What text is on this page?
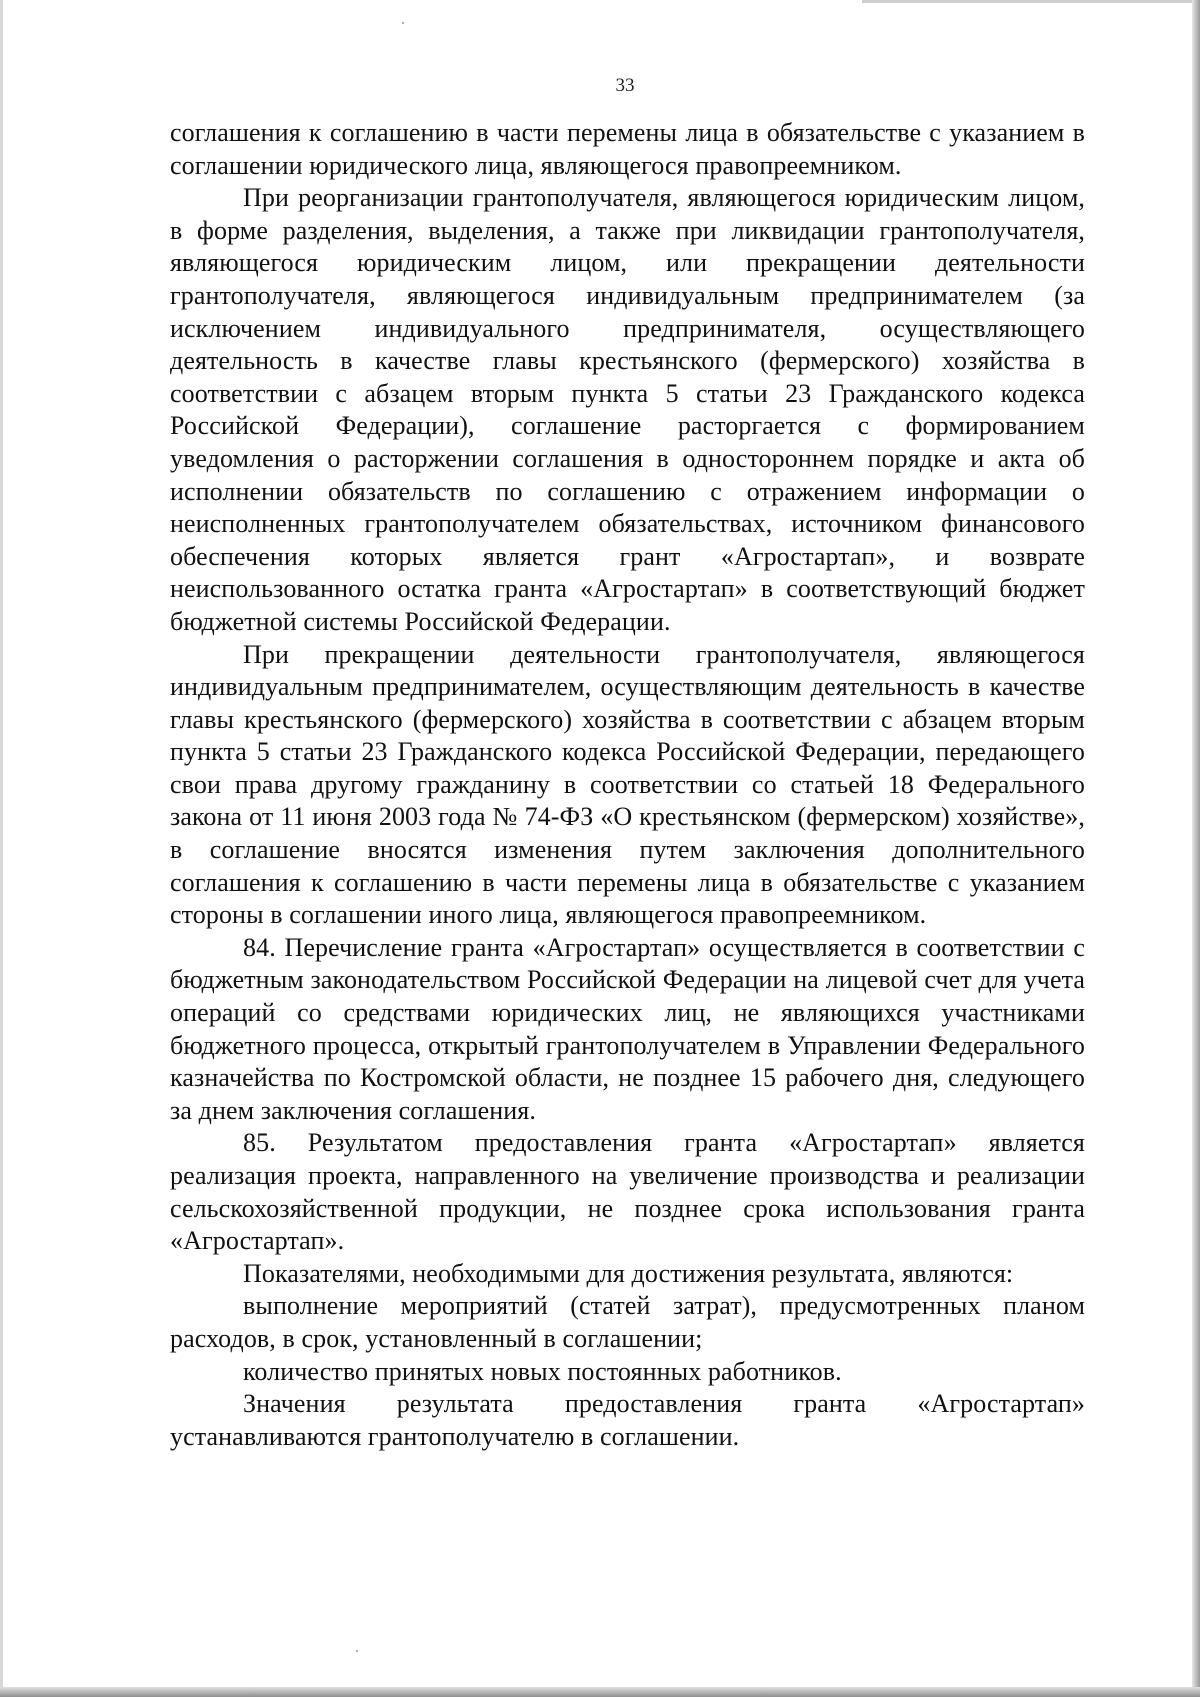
33

соглашения к соглашению в части перемены лица в обязательстве с указанием в соглашении юридического лица, являющегося правопреемником.

При реорганизации грантополучателя, являющегося юридическим лицом, в форме разделения, выделения, а также при ликвидации грантополучателя, являющегося юридическим лицом, или прекращении деятельности грантополучателя, являющегося индивидуальным предпринимателем (за исключением индивидуального предпринимателя, осуществляющего деятельность в качестве главы крестьянского (фермерского) хозяйства в соответствии с абзацем вторым пункта 5 статьи 23 Гражданского кодекса Российской Федерации), соглашение расторгается с формированием уведомления о расторжении соглашения в одностороннем порядке и акта об исполнении обязательств по соглашению с отражением информации о неисполненных грантополучателем обязательствах, источником финансового обеспечения которых является грант «Агростартап», и возврате неиспользованного остатка гранта «Агростартап» в соответствующий бюджет бюджетной системы Российской Федерации.

При прекращении деятельности грантополучателя, являющегося индивидуальным предпринимателем, осуществляющим деятельность в качестве главы крестьянского (фермерского) хозяйства в соответствии с абзацем вторым пункта 5 статьи 23 Гражданского кодекса Российской Федерации, передающего свои права другому гражданину в соответствии со статьей 18 Федерального закона от 11 июня 2003 года № 74-ФЗ «О крестьянском (фермерском) хозяйстве», в соглашение вносятся изменения путем заключения дополнительного соглашения к соглашению в части перемены лица в обязательстве с указанием стороны в соглашении иного лица, являющегося правопреемником.

84. Перечисление гранта «Агростартап» осуществляется в соответствии с бюджетным законодательством Российской Федерации на лицевой счет для учета операций со средствами юридических лиц, не являющихся участниками бюджетного процесса, открытый грантополучателем в Управлении Федерального казначейства по Костромской области, не позднее 15 рабочего дня, следующего за днем заключения соглашения.

85. Результатом предоставления гранта «Агростартап» является реализация проекта, направленного на увеличение производства и реализации сельскохозяйственной продукции, не позднее срока использования гранта «Агростартап».

Показателями, необходимыми для достижения результата, являются:

выполнение мероприятий (статей затрат), предусмотренных планом расходов, в срок, установленный в соглашении;

количество принятых новых постоянных работников.

Значения результата предоставления гранта «Агростартап» устанавливаются грантополучателю в соглашении.
